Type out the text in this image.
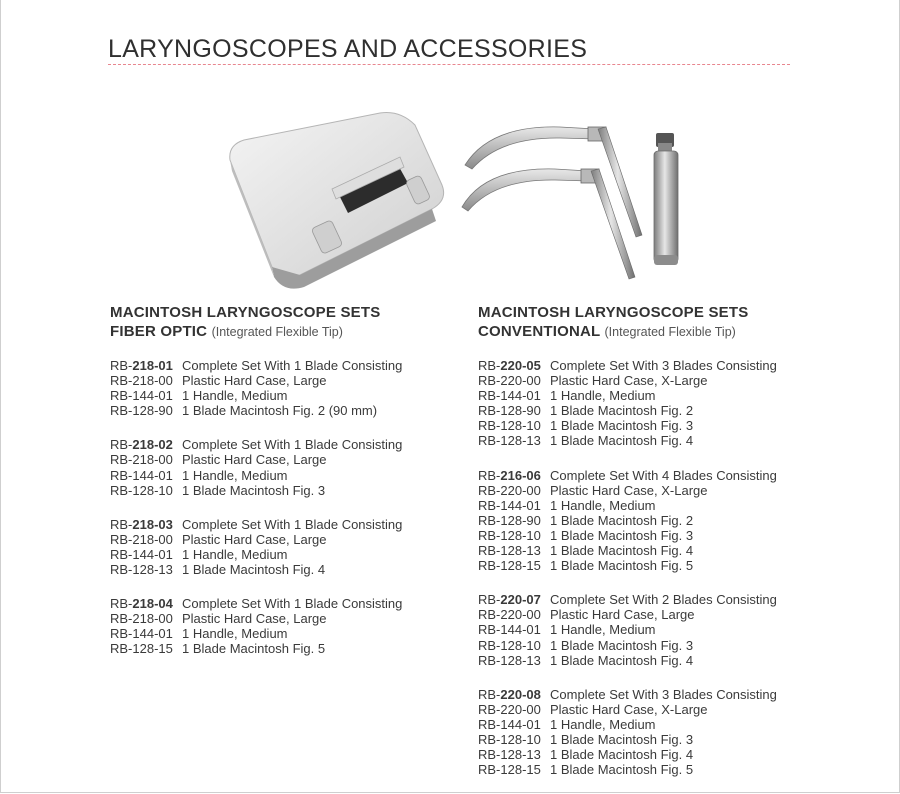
LARYNGOSCOPES AND ACCESSORIES
MACINTOSH LARYNGOSCOPE SETS
FIBER OPTIC (Integrated Flexible Tip)
RB-218-01 Complete Set With 1 Blade Consisting
RB-218-00 Plastic Hard Case, Large
RB-144-01 1 Handle, Medium
RB-128-90 1 Blade Macintosh Fig. 2 (90 mm)
RB-218-02 Complete Set With 1 Blade Consisting
RB-218-00 Plastic Hard Case, Large
RB-144-01 1 Handle, Medium
RB-128-10 1 Blade Macintosh Fig. 3
RB-218-03 Complete Set With 1 Blade Consisting
RB-218-00 Plastic Hard Case, Large
RB-144-01 1 Handle, Medium
RB-128-13 1 Blade Macintosh Fig. 4
RB-218-04 Complete Set With 1 Blade Consisting
RB-218-00 Plastic Hard Case, Large
RB-144-01 1 Handle, Medium
RB-128-15 1 Blade Macintosh Fig. 5
MACINTOSH LARYNGOSCOPE SETS
CONVENTIONAL (Integrated Flexible Tip)
RB-220-05 Complete Set With 3 Blades Consisting
RB-220-00 Plastic Hard Case, X-Large
RB-144-01 1 Handle, Medium
RB-128-90 1 Blade Macintosh Fig. 2
RB-128-10 1 Blade Macintosh Fig. 3
RB-128-13 1 Blade Macintosh Fig. 4
RB-216-06 Complete Set With 4 Blades Consisting
RB-220-00 Plastic Hard Case, X-Large
RB-144-01 1 Handle, Medium
RB-128-90 1 Blade Macintosh Fig. 2
RB-128-10 1 Blade Macintosh Fig. 3
RB-128-13 1 Blade Macintosh Fig. 4
RB-128-15 1 Blade Macintosh Fig. 5
RB-220-07 Complete Set With 2 Blades Consisting
RB-220-00 Plastic Hard Case, Large
RB-144-01 1 Handle, Medium
RB-128-10 1 Blade Macintosh Fig. 3
RB-128-13 1 Blade Macintosh Fig. 4
RB-220-08 Complete Set With 3 Blades Consisting
RB-220-00 Plastic Hard Case, X-Large
RB-144-01 1 Handle, Medium
RB-128-10 1 Blade Macintosh Fig. 3
RB-128-13 1 Blade Macintosh Fig. 4
RB-128-15 1 Blade Macintosh Fig. 5
